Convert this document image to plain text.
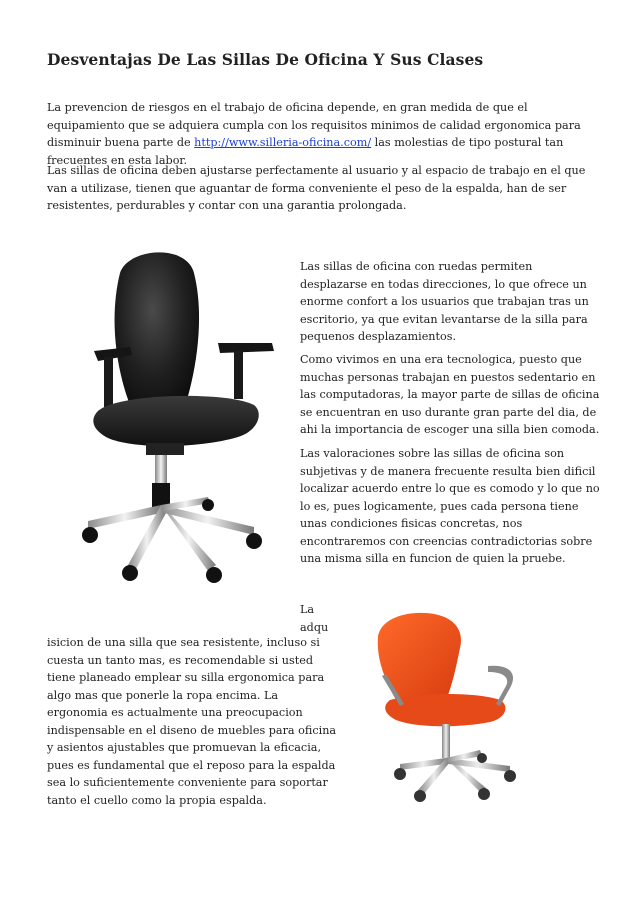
Desventajas De Las Sillas De Oficina Y Sus Clases

La prevencion de riesgos en el trabajo de oficina depende, en gran medida de que el equipamiento que se adquiera cumpla con los requisitos minimos de calidad ergonomica para disminuir buena parte de http://www.silleria-oficina.com/ las molestias de tipo postural tan frecuentes en esta labor.

Las sillas de oficina deben ajustarse perfectamente al usuario y al espacio de trabajo en el que van a utilizase, tienen que aguantar de forma conveniente el peso de la espalda, han de ser resistentes, perdurables y contar con una garantia prolongada.

Las sillas de oficina con ruedas permiten desplazarse en todas direcciones, lo que ofrece un enorme confort a los usuarios que trabajan tras un escritorio, ya que evitan levantarse de la silla para pequenos desplazamientos.
Como vivimos en una era tecnologica, puesto que muchas personas trabajan en puestos sedentario en las computadoras, la mayor parte de sillas de oficina se encuentran en uso durante gran parte del dia, de ahi la importancia de escoger una silla bien comoda.
Las valoraciones sobre las sillas de oficina son subjetivas y de manera frecuente resulta bien dificil localizar acuerdo entre lo que es comodo y lo que no lo es, pues logicamente, pues cada persona tiene unas condiciones fisicas concretas, nos encontraremos con creencias contradictorias sobre una misma silla en funcion de quien la pruebe.
La
adqu
isicion de una silla que sea resistente, incluso si cuesta un tanto mas, es recomendable si usted tiene planeado emplear su silla ergonomica para algo mas que ponerle la ropa encima. La ergonomia es actualmente una preocupacion indispensable en el diseno de muebles para oficina y asientos ajustables que promuevan la eficacia, pues es fundamental que el reposo para la espalda sea lo suficientemente conveniente para soportar tanto el cuello como la propia espalda.
